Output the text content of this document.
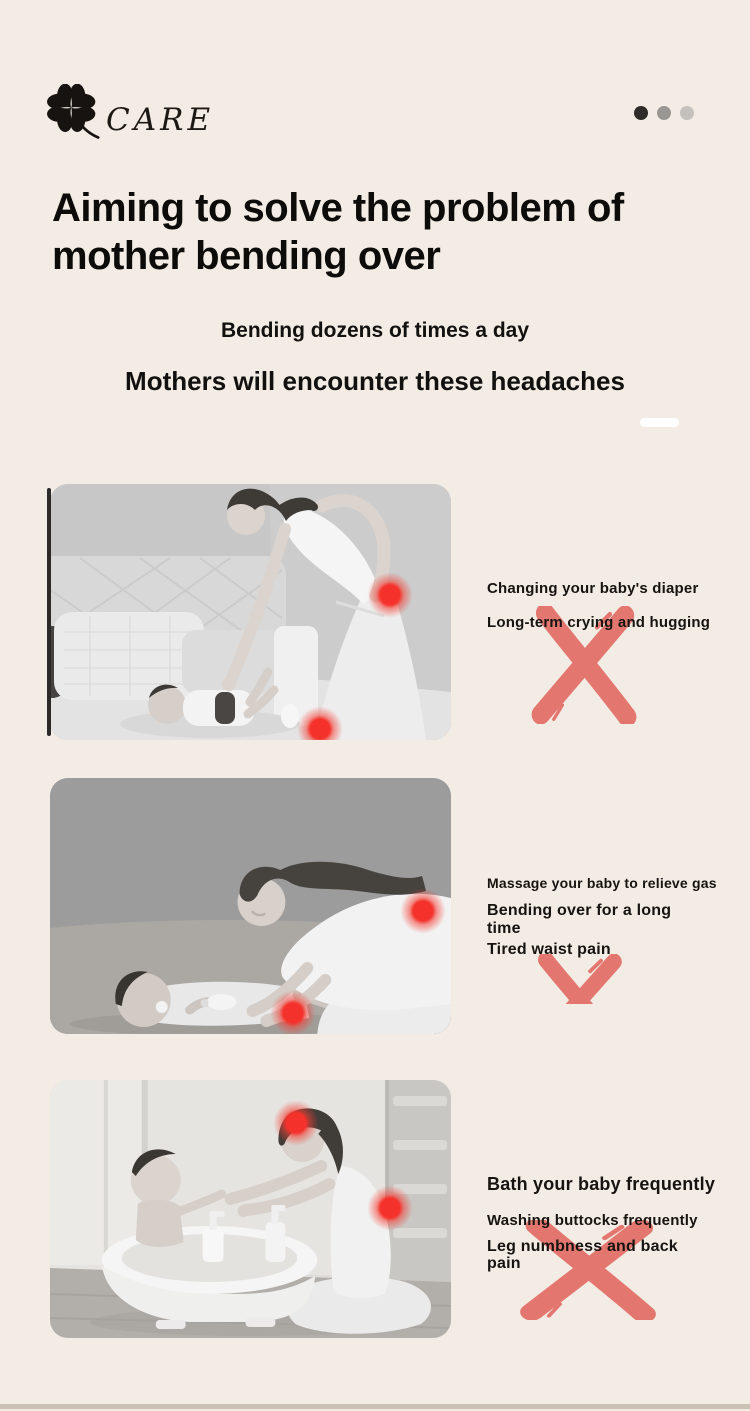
CARE
Aiming to solve the problem of mother bending over

Bending dozens of times a day

Mothers will encounter these headaches

Changing your baby's diaper

Long-term crying and hugging

Massage your baby to relieve gas

Bending over for a long time

Tired waist pain

Bath your baby frequently

Washing buttocks frequently

Leg numbness and back pain
